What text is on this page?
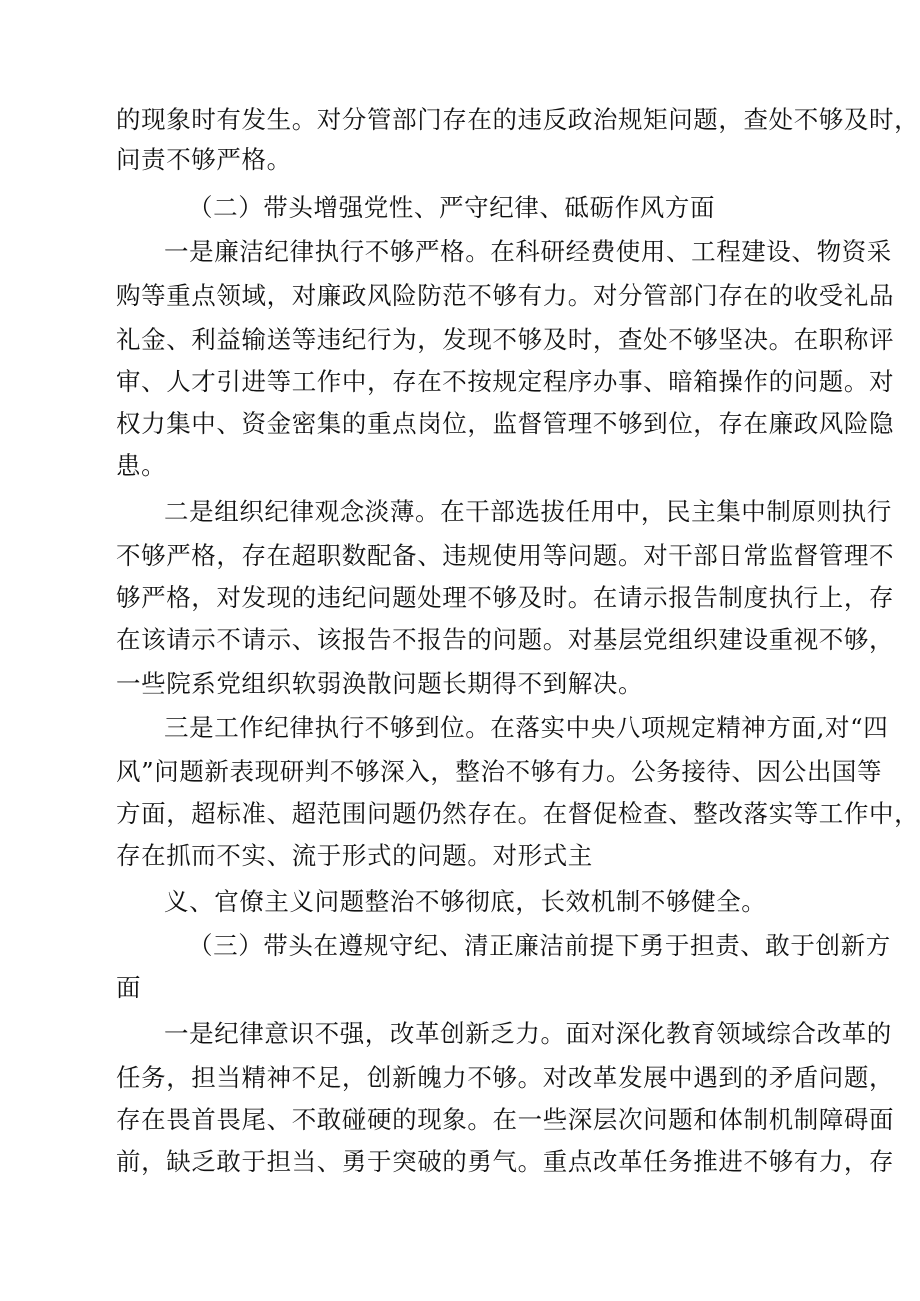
的现象时有发生。对分管部门存在的违反政治规矩问题，查处不够及时，
问责不够严格。
（二）带头增强党性、严守纪律、砥砺作风方面
一是廉洁纪律执行不够严格。在科研经费使用、工程建设、物资采
购等重点领域，对廉政风险防范不够有力。对分管部门存在的收受礼品
礼金、利益输送等违纪行为，发现不够及时，查处不够坚决。在职称评
审、人才引进等工作中，存在不按规定程序办事、暗箱操作的问题。对
权力集中、资金密集的重点岗位，监督管理不够到位，存在廉政风险隐
患。
二是组织纪律观念淡薄。在干部选拔任用中，民主集中制原则执行
不够严格，存在超职数配备、违规使用等问题。对干部日常监督管理不
够严格，对发现的违纪问题处理不够及时。在请示报告制度执行上，存
在该请示不请示、该报告不报告的问题。对基层党组织建设重视不够，
一些院系党组织软弱涣散问题长期得不到解决。
三是工作纪律执行不够到位。在落实中央八项规定精神方面,对“四
风”问题新表现研判不够深入，整治不够有力。公务接待、因公出国等
方面，超标准、超范围问题仍然存在。在督促检查、整改落实等工作中，
存在抓而不实、流于形式的问题。对形式主
义、官僚主义问题整治不够彻底，长效机制不够健全。
（三）带头在遵规守纪、清正廉洁前提下勇于担责、敢于创新方
面
一是纪律意识不强，改革创新乏力。面对深化教育领域综合改革的
任务，担当精神不足，创新魄力不够。对改革发展中遇到的矛盾问题，
存在畏首畏尾、不敢碰硬的现象。在一些深层次问题和体制机制障碍面
前，缺乏敢于担当、勇于突破的勇气。重点改革任务推进不够有力，存
